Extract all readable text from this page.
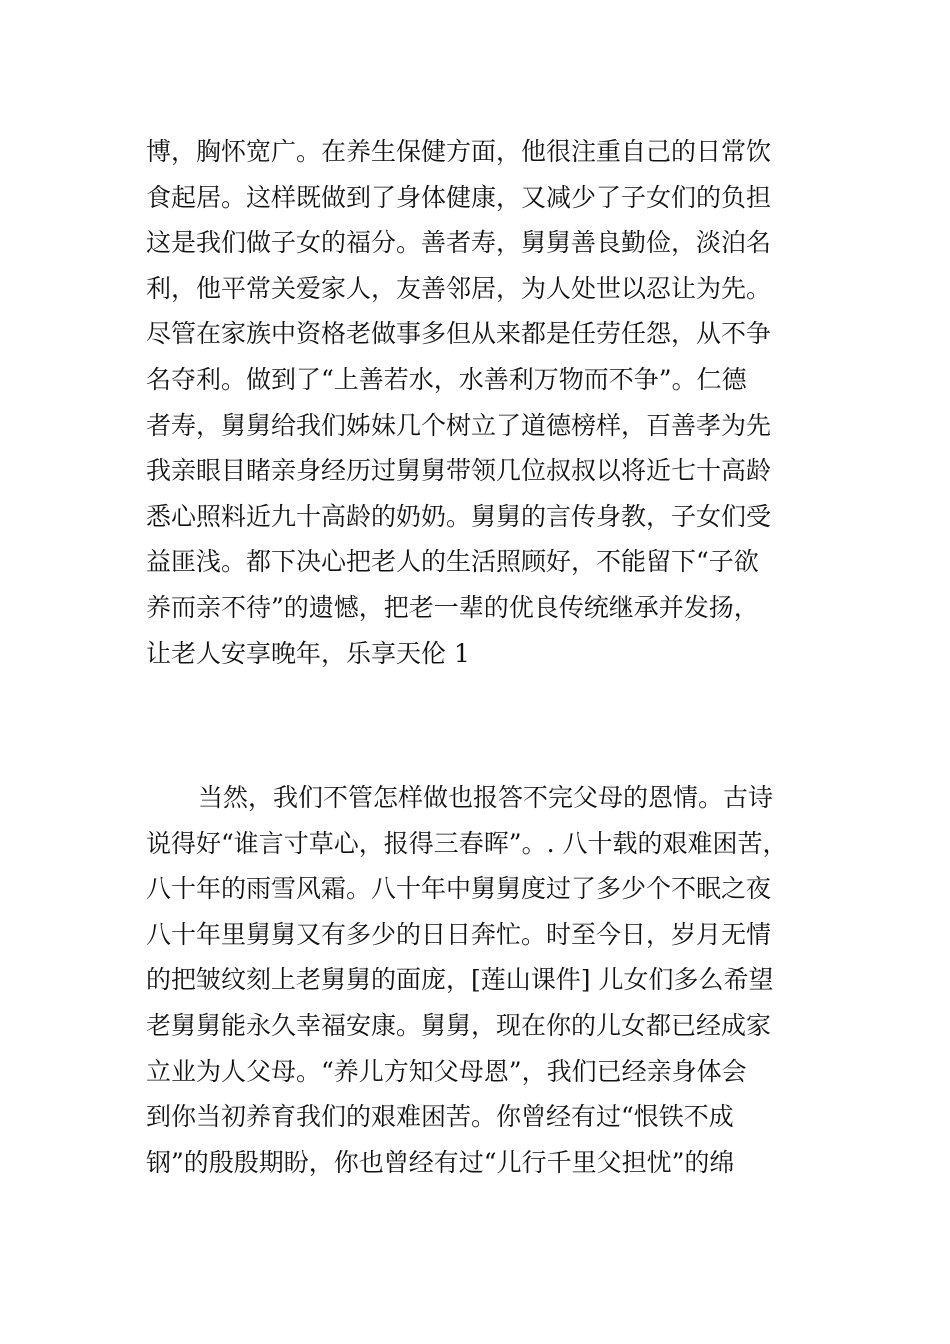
博，胸怀宽广。在养生保健方面，他很注重自己的日常饮
食起居。这样既做到了身体健康，又减少了子女们的负担
这是我们做子女的福分。善者寿，舅舅善良勤俭，淡泊名
利，他平常关爱家人，友善邻居，为人处世以忍让为先。
尽管在家族中资格老做事多但从来都是任劳任怨，从不争
名夺利。做到了“上善若水，水善利万物而不争”。仁德
者寿，舅舅给我们姊妹几个树立了道德榜样，百善孝为先
我亲眼目睹亲身经历过舅舅带领几位叔叔以将近七十高龄
悉心照料近九十高龄的奶奶。舅舅的言传身教，子女们受
益匪浅。都下决心把老人的生活照顾好，不能留下“子欲
养而亲不待”的遗憾，把老一辈的优良传统继承并发扬，
让老人安享晚年，乐享天伦 1
当然，我们不管怎样做也报答不完父母的恩情。古诗
说得好“谁言寸草心，报得三春晖”。. 八十载的艰难困苦，
八十年的雨雪风霜。八十年中舅舅度过了多少个不眠之夜
八十年里舅舅又有多少的日日奔忙。时至今日，岁月无情
的把皱纹刻上老舅舅的面庞，[莲山课件] 儿女们多么希望
老舅舅能永久幸福安康。舅舅，现在你的儿女都已经成家
立业为人父母。“养儿方知父母恩”，我们已经亲身体会
到你当初养育我们的艰难困苦。你曾经有过“恨铁不成
钢”的殷殷期盼，你也曾经有过“儿行千里父担忧”的绵
